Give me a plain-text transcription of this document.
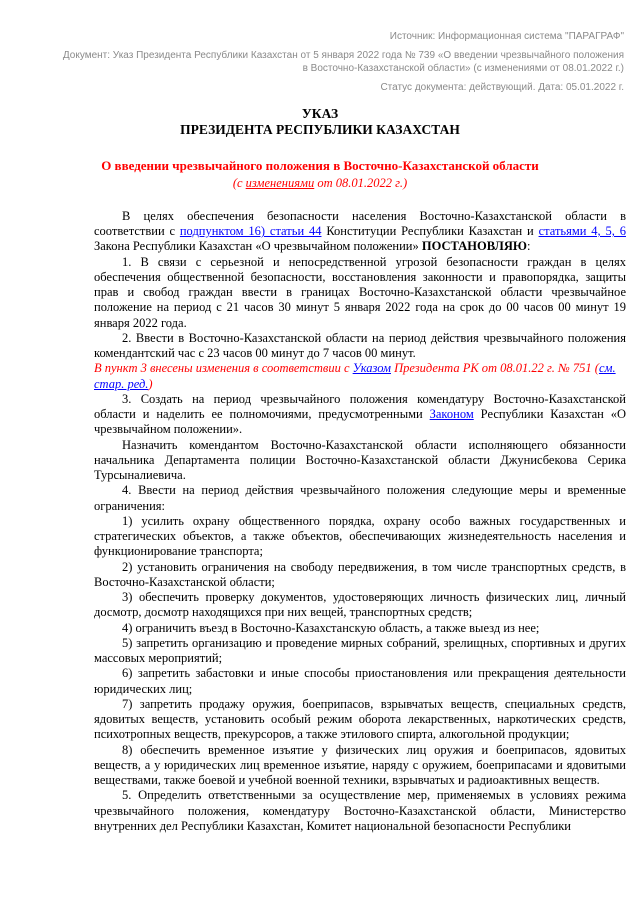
Источник: Информационная система "ПАРАГРАФ"
Документ: Указ Президента Республики Казахстан от 5 января 2022 года № 739 «О введении чрезвычайного положения в Восточно-Казахстанской области» (с изменениями от 08.01.2022 г.)
Статус документа: действующий. Дата: 05.01.2022 г.
УКАЗ
ПРЕЗИДЕНТА РЕСПУБЛИКИ КАЗАХСТАН
О введении чрезвычайного положения в Восточно-Казахстанской области
(с изменениями от 08.01.2022 г.)

В целях обеспечения безопасности населения Восточно-Казахстанской области в соответствии с подпунктом 16) статьи 44 Конституции Республики Казахстан и статьями 4, 5, 6 Закона Республики Казахстан «О чрезвычайном положении» ПОСТАНОВЛЯЮ:

1. В связи с серьезной и непосредственной угрозой безопасности граждан в целях обеспечения общественной безопасности, восстановления законности и правопорядка, защиты прав и свобод граждан ввести в границах Восточно-Казахстанской области чрезвычайное положение на период с 21 часов 30 минут 5 января 2022 года на срок до 00 часов 00 минут 19 января 2022 года.

2. Ввести в Восточно-Казахстанской области на период действия чрезвычайного положения комендантский час с 23 часов 00 минут до 7 часов 00 минут.

В пункт 3 внесены изменения в соответствии с Указом Президента РК от 08.01.22 г. № 751 (см. стар. ред.)

3. Создать на период чрезвычайного положения комендатуру Восточно-Казахстанской области и наделить ее полномочиями, предусмотренными Законом Республики Казахстан «О чрезвычайном положении».

Назначить комендантом Восточно-Казахстанской области исполняющего обязанности начальника Департамента полиции Восточно-Казахстанской области Джунисбекова Серика Турсыналиевича.

4. Ввести на период действия чрезвычайного положения следующие меры и временные ограничения:

1) усилить охрану общественного порядка, охрану особо важных государственных и стратегических объектов, а также объектов, обеспечивающих жизнедеятельность населения и функционирование транспорта;

2) установить ограничения на свободу передвижения, в том числе транспортных средств, в Восточно-Казахстанской области;

3) обеспечить проверку документов, удостоверяющих личность физических лиц, личный досмотр, досмотр находящихся при них вещей, транспортных средств;

4) ограничить въезд в Восточно-Казахстанскую область, а также выезд из нее;

5) запретить организацию и проведение мирных собраний, зрелищных, спортивных и других массовых мероприятий;

6) запретить забастовки и иные способы приостановления или прекращения деятельности юридических лиц;

7) запретить продажу оружия, боеприпасов, взрывчатых веществ, специальных средств, ядовитых веществ, установить особый режим оборота лекарственных, наркотических средств, психотропных веществ, прекурсоров, а также этилового спирта, алкогольной продукции;

8) обеспечить временное изъятие у физических лиц оружия и боеприпасов, ядовитых веществ, а у юридических лиц временное изъятие, наряду с оружием, боеприпасами и ядовитыми веществами, также боевой и учебной военной техники, взрывчатых и радиоактивных веществ.

5. Определить ответственными за осуществление мер, применяемых в условиях режима чрезвычайного положения, комендатуру Восточно-Казахстанской области, Министерство внутренних дел Республики Казахстан, Комитет национальной безопасности Республики
